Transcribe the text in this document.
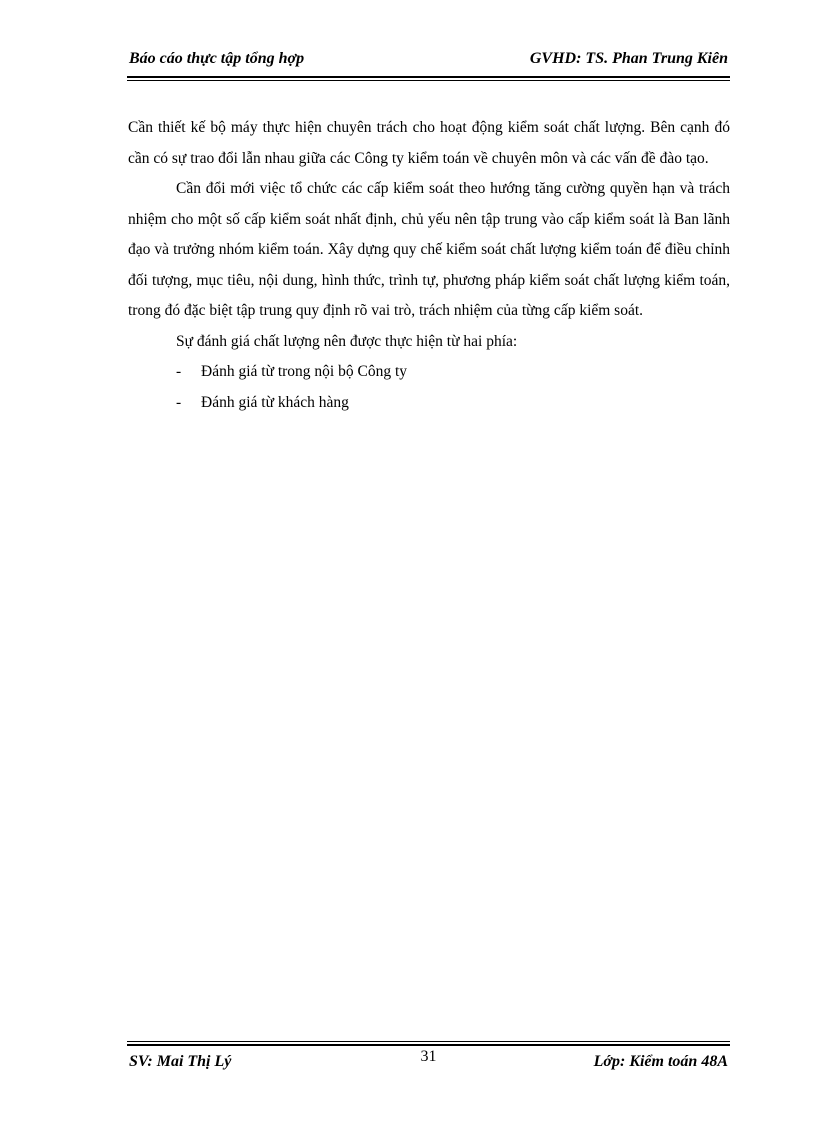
Báo cáo thực tập tổng hợp	GVHD: TS. Phan Trung Kiên

Cần thiết kế bộ máy thực hiện chuyên trách cho hoạt động kiểm soát chất lượng. Bên cạnh đó cần có sự trao đổi lẫn nhau giữa các Công ty kiểm toán về chuyên môn và các vấn đề đào tạo.

Cần đổi mới việc tổ chức các cấp kiểm soát theo hướng tăng cường quyền hạn và trách nhiệm cho một số cấp kiểm soát nhất định, chủ yếu nên tập trung vào cấp kiểm soát là Ban lãnh đạo và trưởng nhóm kiểm toán. Xây dựng quy chế kiểm soát chất lượng kiểm toán để điều chỉnh đối tượng, mục tiêu, nội dung, hình thức, trình tự, phương pháp kiểm soát chất lượng kiểm toán, trong đó đặc biệt tập trung quy định rõ vai trò, trách nhiệm của từng cấp kiểm soát.

Sự đánh giá chất lượng nên được thực hiện từ hai phía:

- Đánh giá từ trong nội bộ Công ty
- Đánh giá từ khách hàng
SV: Mai Thị Lý	31	Lớp: Kiểm toán 48A
